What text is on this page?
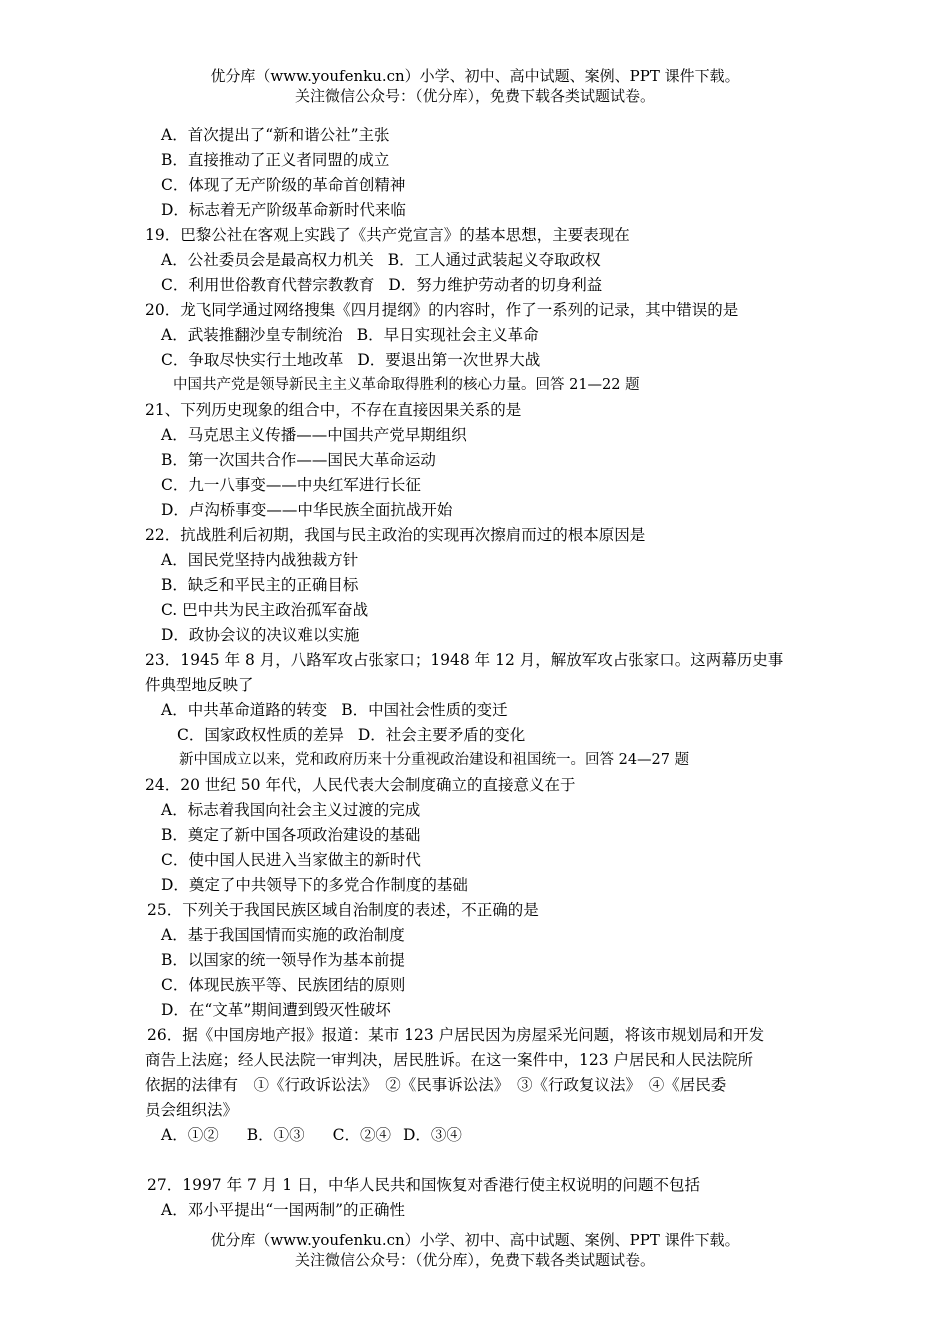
优分库（www.youfenku.cn）小学、初中、高中试题、案例、PPT 课件下载。
关注微信公众号：（优分库），免费下载各类试题试卷。
A．首次提出了“新和谐公社”主张
B．直接推动了正义者同盟的成立
C．体现了无产阶级的革命首创精神
D．标志着无产阶级革命新时代来临
19．巴黎公社在客观上实践了《共产党宣言》的基本思想，主要表现在
A．公社委员会是最高权力机关 B．工人通过武装起义夺取政权
C．利用世俗教育代替宗教教育 D．努力维护劳动者的切身利益
20．龙飞同学通过网络搜集《四月提纲》的内容时，作了一系列的记录，其中错误的是
A．武装推翻沙皇专制统治 B．早日实现社会主义革命
C．争取尽快实行土地改革 D．要退出第一次世界大战
中国共产党是领导新民主主义革命取得胜利的核心力量。回答 21—22 题
21、下列历史现象的组合中，不存在直接因果关系的是
A．马克思主义传播——中国共产党早期组织
B．第一次国共合作——国民大革命运动
C．九一八事变——中央红军进行长征
D．卢沟桥事变——中华民族全面抗战开始
22．抗战胜利后初期，我国与民主政治的实现再次擦肩而过的根本原因是
A．国民党坚持内战独裁方针
B．缺乏和平民主的正确目标
C. 巴中共为民主政治孤军奋战
D．政协会议的决议难以实施
23．1945 年 8 月，八路军攻占张家口；1948 年 12 月，解放军攻占张家口。这两幕历史事
件典型地反映了
A．中共革命道路的转变 B．中国社会性质的变迁
C．国家政权性质的差异 D．社会主要矛盾的变化
新中国成立以来，党和政府历来十分重视政治建设和祖国统一。回答 24—27 题
24．20 世纪 50 年代，人民代表大会制度确立的直接意义在于
A．标志着我国向社会主义过渡的完成
B．奠定了新中国各项政治建设的基础
C．使中国人民进入当家做主的新时代
D．奠定了中共领导下的多党合作制度的基础
25．下列关于我国民族区域自治制度的表述，不正确的是
A．基于我国国情而实施的政治制度
B．以国家的统一领导作为基本前提
C．体现民族平等、民族团结的原则
D．在“文革”期间遭到毁灭性破坏
26．据《中国房地产报》报道：某市 123 户居民因为房屋采光问题，将该市规划局和开发
商告上法庭；经人民法院一审判决，居民胜诉。在这一案件中，123 户居民和人民法院所
依据的法律有　①《行政诉讼法》　②《民事诉讼法》　③《行政复议法》　④《居民委
员会组织法》
A．①② B．①③ C．②④ D．③④
27．1997 年 7 月 1 日，中华人民共和国恢复对香港行使主权说明的问题不包括
A．邓小平提出“一国两制”的正确性
优分库（www.youfenku.cn）小学、初中、高中试题、案例、PPT 课件下载。
关注微信公众号：（优分库），免费下载各类试题试卷。
